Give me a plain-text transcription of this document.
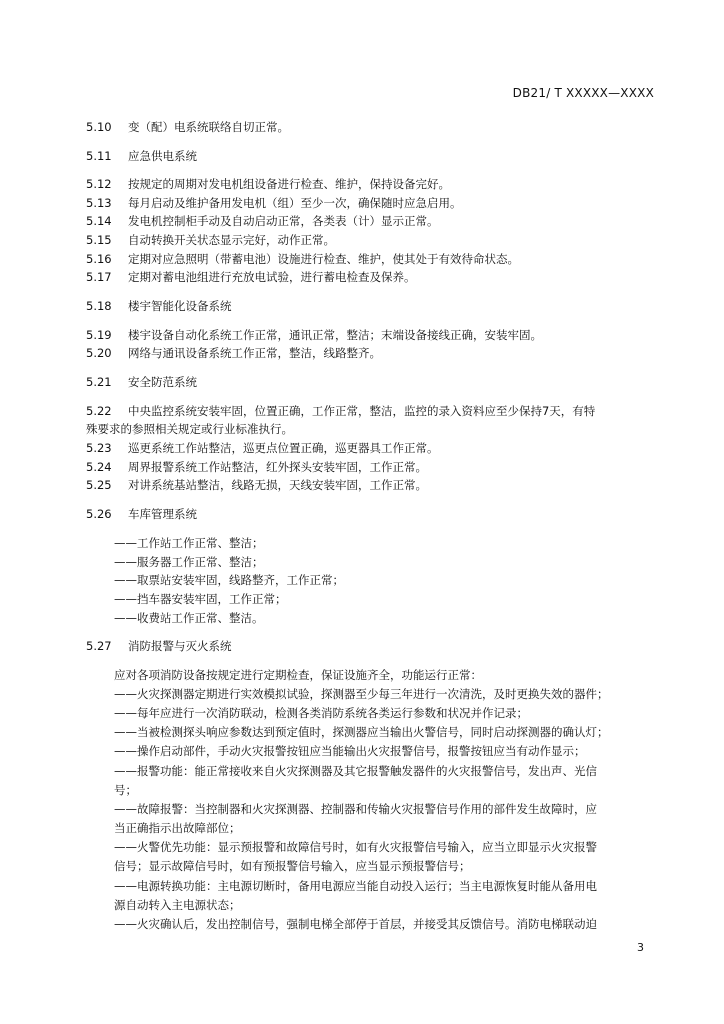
DB21/ T XXXXX—XXXX
5.10 变（配）电系统联络自切正常。
5.11 应急供电系统
5.12 按规定的周期对发电机组设备进行检查、维护，保持设备完好。
5.13 每月启动及维护备用发电机（组）至少一次，确保随时应急启用。
5.14 发电机控制柜手动及自动启动正常，各类表（计）显示正常。
5.15 自动转换开关状态显示完好，动作正常。
5.16 定期对应急照明（带蓄电池）设施进行检查、维护，使其处于有效待命状态。
5.17 定期对蓄电池组进行充放电试验，进行蓄电检查及保养。
5.18 楼宇智能化设备系统
5.19 楼宇设备自动化系统工作正常，通讯正常，整洁；末端设备接线正确，安装牢固。
5.20 网络与通讯设备系统工作正常，整洁，线路整齐。
5.21 安全防范系统
5.22 中央监控系统安装牢固，位置正确，工作正常，整洁，监控的录入资料应至少保持7天，有特
殊要求的参照相关规定或行业标准执行。
5.23 巡更系统工作站整洁，巡更点位置正确，巡更器具工作正常。
5.24 周界报警系统工作站整洁，红外探头安装牢固，工作正常。
5.25 对讲系统基站整洁，线路无损，天线安装牢固，工作正常。
5.26 车库管理系统
——工作站工作正常、整洁；
——服务器工作正常、整洁；
——取票站安装牢固，线路整齐，工作正常；
——挡车器安装牢固，工作正常；
——收费站工作正常、整洁。
5.27 消防报警与灭火系统
应对各项消防设备按规定进行定期检查，保证设施齐全，功能运行正常：
——火灾探测器定期进行实效模拟试验，探测器至少每三年进行一次清洗，及时更换失效的器件；
——每年应进行一次消防联动，检测各类消防系统各类运行参数和状况并作记录；
——当被检测探头响应参数达到预定值时，探测器应当输出火警信号，同时启动探测器的确认灯；
——操作启动部件，手动火灾报警按钮应当能输出火灾报警信号，报警按钮应当有动作显示；
——报警功能：能正常接收来自火灾探测器及其它报警触发器件的火灾报警信号，发出声、光信
号；
——故障报警：当控制器和火灾探测器、控制器和传输火灾报警信号作用的部件发生故障时，应
当正确指示出故障部位；
——火警优先功能：显示预报警和故障信号时，如有火灾报警信号输入，应当立即显示火灾报警
信号；显示故障信号时，如有预报警信号输入，应当显示预报警信号；
——电源转换功能：主电源切断时，备用电源应当能自动投入运行；当主电源恢复时能从备用电
源自动转入主电源状态；
——火灾确认后，发出控制信号，强制电梯全部停于首层，并接受其反馈信号。消防电梯联动迫
3
